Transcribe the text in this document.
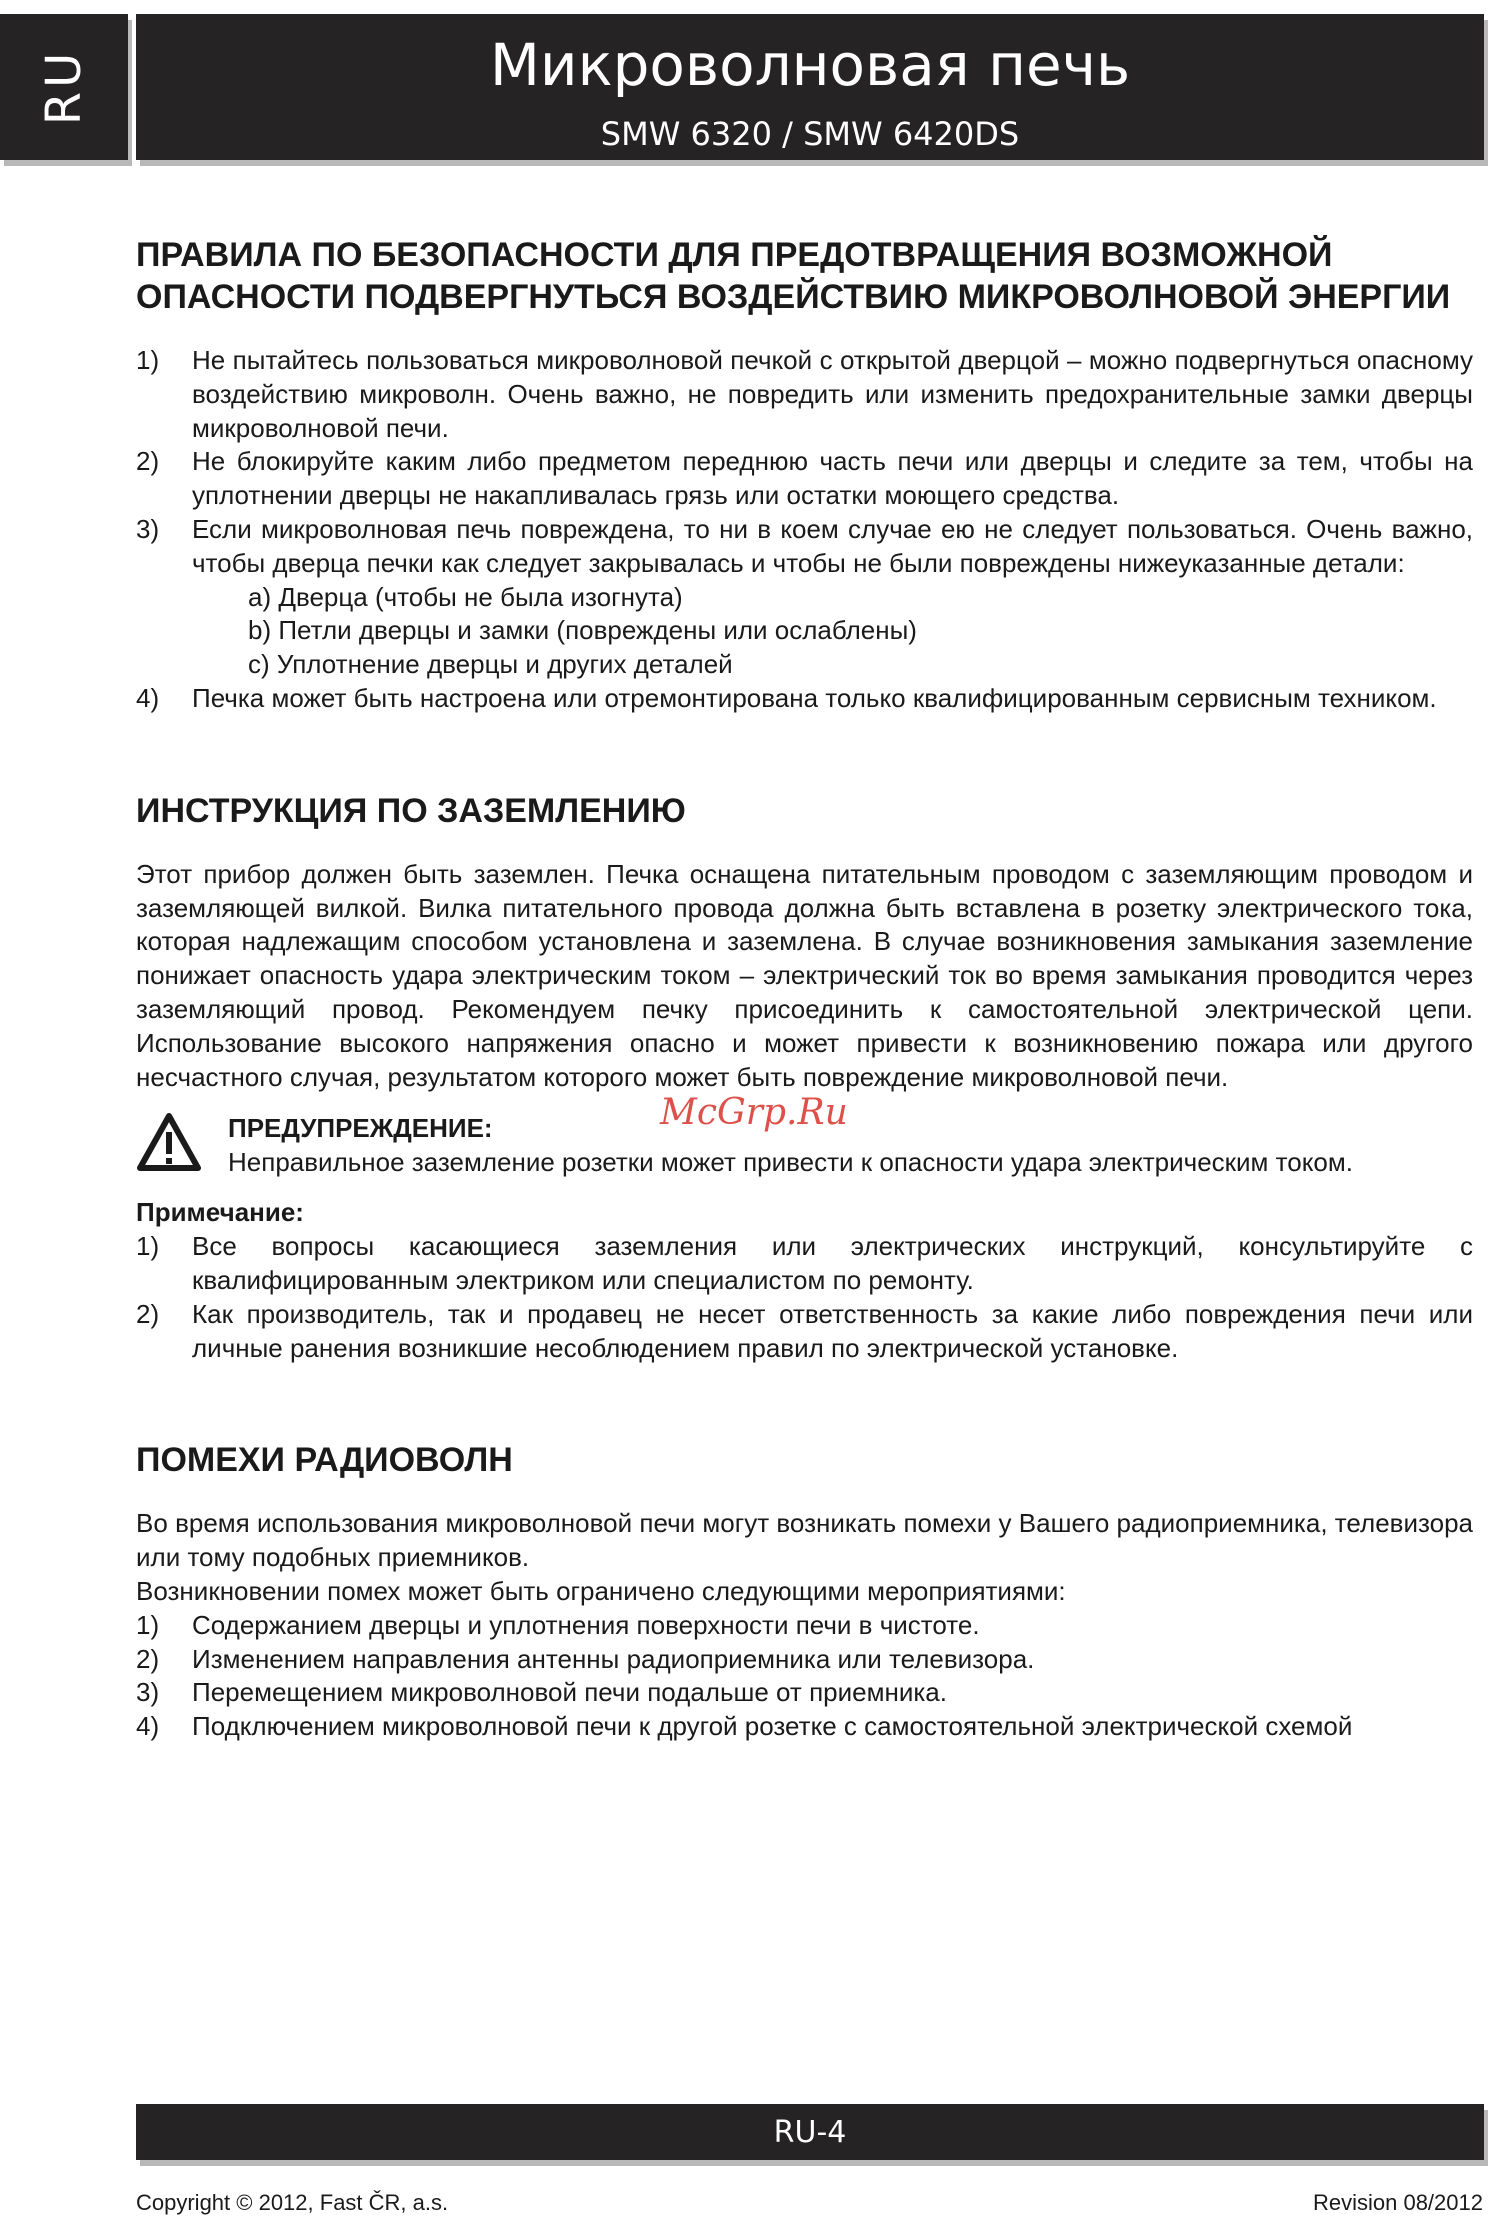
RU	Микроволновая печь
SMW 6320 / SMW 6420DS
ПРАВИЛА ПО БЕЗОПАСНОСТИ ДЛЯ ПРЕДОТВРАЩЕНИЯ ВОЗМОЖНОЙ
ОПАСНОСТИ ПОДВЕРГНУТЬСЯ ВОЗДЕЙСТВИЮ МИКРОВОЛНОВОЙ ЭНЕРГИИ
1) Не пытайтесь пользоваться микроволновой печкой с открытой дверцой – можно подвергнуться опасному воздействию микроволн. Очень важно, не повредить или изменить предохранительные замки дверцы микроволновой печи.
2) Не блокируйте каким либо предметом переднюю часть печи или дверцы и следите за тем, чтобы на уплотнении дверцы не накапливалась грязь или остатки моющего средства.
3) Если микроволновая печь повреждена, то ни в коем случае ею не следует пользоваться. Очень важно, чтобы дверца печки как следует закрывалась и чтобы не были повреждены нижеуказанные детали:
a) Дверца (чтобы не была изогнута)
b) Петли дверцы и замки (повреждены или ослаблены)
c) Уплотнение дверцы и других деталей
4) Печка может быть настроена или отремонтирована только квалифицированным сервисным техником.
ИНСТРУКЦИЯ ПО ЗАЗЕМЛЕНИЮ

Этот прибор должен быть заземлен. Печка оснащена питательным проводом с заземляющим проводом и заземляющей вилкой. Вилка питательного провода должна быть вставлена в розетку электрического тока, которая надлежащим способом установлена и заземлена. В случае возникновения замыкания заземление понижает опасность удара электрическим током – электрический ток во время замыкания проводится через заземляющий провод. Рекомендуем печку присоединить к самостоятельной электрической цепи. Использование высокого напряжения опасно и может привести к возникновению пожара или другого несчастного случая, результатом которого может быть повреждение микроволновой печи.

ПРЕДУПРЕЖДЕНИЕ:
Неправильное заземление розетки может привести к опасности удара электрическим током.
Примечание:
1) Все вопросы касающиеся заземления или электрических инструкций, консультируйте с квалифицированным электриком или специалистом по ремонту.
2) Как производитель, так и продавец не несет ответственность за какие либо повреждения печи или личные ранения возникшие несоблюдением правил по электрической установке.
ПОМЕХИ РАДИОВОЛН

Во время использования микроволновой печи могут возникать помехи у Вашего радиоприемника, телевизора или тому подобных приемников.

Возникновении помех может быть ограничено следующими мероприятиями:

1) Содержанием дверцы и уплотнения поверхности печи в чистоте.
2) Изменением направления антенны радиоприемника или телевизора.
3) Перемещением микроволновой печи подальше от приемника.
4) Подключением микроволновой печи к другой розетке с самостоятельной электрической схемой
McGrp.Ru
RU-4
Copyright © 2012, Fast ČR, a.s.	Revision 08/2012
